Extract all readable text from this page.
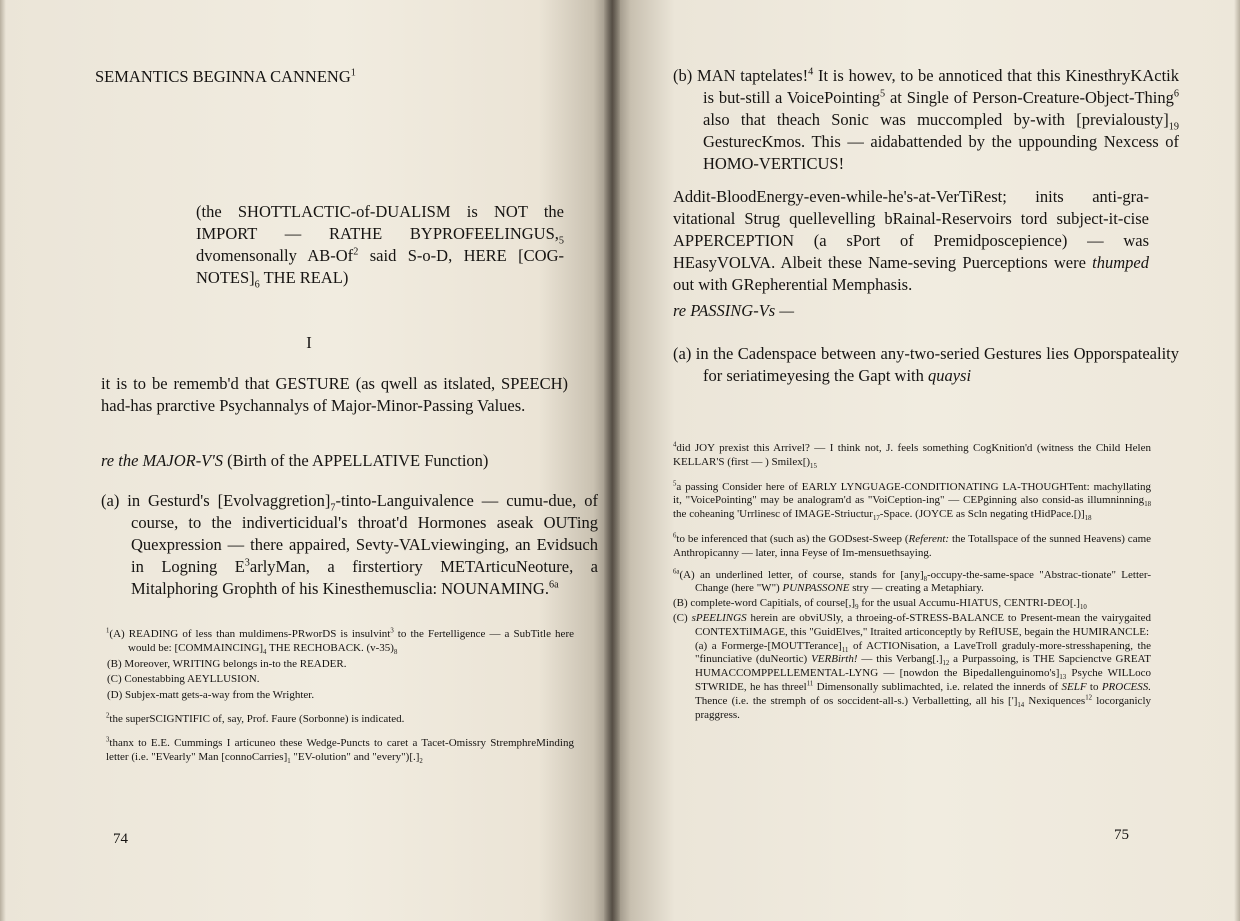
SEMANTICS BEGINNA CANNENG$^1$
(the SHOTTLACTIC-of-DUALISM is NOT the IMPORT — RATHE $BYPROFEELINGUS,_5$ dvomensonally AB-Of$^2$ said S-o-D, HERE $[COG-NOTES]_6$ THE REAL)
I

it is to be rememb'd that GESTURE (as qwell as itslated, SPEECH) had-has prarctive Psychannalys of Major-Minor-Passing Values.

re the MAJOR-V'S (Birth of the APPELLATIVE Function)

(a) in Gesturd's $[Evolvaggretion]_7-tinto$-Languivalence — cumu-due, of course, to the indiverticidual's throat'd Hormones aseak OUTing Quexpression — there appaired, Sevty-VALviewinging, an Evidsuch in Logning $E^3arlyMan$, a firstertiory METArticuNeoture, a Mitalphoring Grophth of his Kinesthemusclia: NOUNAMING.$^{6a}$

$^1$(A) READING of less than muldimens-PRworDS is insulvint$^3$ to the Fertelligence — a SubTitle here would be: $[COMMAINCING]_4$ THE RECHOBACK. $(v-35)_8$

(B) Moreover, WRITING belongs in-to the READER.

(C) Conestabbing AEYLLUSION.

(D) Subjex-matt gets-a-way from the Wrighter.

$^2$the superSCIGNTIFIC of, say, Prof. Faure (Sorbonne) is indicated.

$^3$thanx to E.E. Cummings I articuneo these Wedge-Puncts to caret a Tacet-Omissry StremphreMinding letter (i.e. "EVearly" Man $[connoCarries]_1$ "EV-olution" and "$every")[.]_2$

74

(b) MAN taptelates!$^4$ It is howev, to be annoticed that this KinesthryKActik is but-still a VoicePointing$^5$ at Single of Person-Creature-Object-Thing$^6$ also that theach Sonic was muccompled by-with $[previalousty]_{19}$ GesturecKmos. This — aidabattended by the uppounding Nexcess of HOMO-VERTICUS!

Addit-BloodEnergy-even-while-he's-at-VerTiRest; inits anti-gra-vitational Strug quellevelling bRainal-Reservoirs tord subject-it-cise APPERCEPTION (a sPort of Premidposcepience) — was HEasyVOLVA. Albeit these Name-seving Puerceptions were thumped out with GRepherential Memphasis.

re PASSING-Vs —

(a) in the Cadenspace between any-two-seried Gestures lies Opporspateality for seriatimeyesing the Gapt with quaysi

$^4$did JOY prexist this Arrivel? — I think not, J. feels something CogKnition'd (witness the Child Helen KELLAR'S (first — ) $Smilex[)_{15}$

$^5$a passing Consider here of EARLY LYNGUAGE-CONDITIONATING LA-THOUGHTent: machyllating it, "VoicePointing" may be analogram'd as "VoiCeption-ing" — CEPginning also consid-as illumninning$_{18}$ the coheaning 'Urrlinesc of IMAGE-Striuctur$_{17}$-Space. (JOYCE as Scln negating $tHidPace.[)]_{18}$

$^6$to be inferenced that (such as) the GODsest-Sweep (Referent: the Totallspace of the sunned Heavens) came Anthropicanny — later, inna Feyse of Im-mensuethsaying.

$^{6a}$(A) an underlined letter, of course, stands for $[any]_8-occupy-the-same$-space "Abstrac-tionate" Letter-Change (here "W") PUNPASSONE stry — creating a Metaphiary.

(B) complete-word Capitials, of $course[,]_9$ for the usual Accumu-HIATUS, CENTRI-$DEO[.]_{10}$

(C) sPEELINGS herein are obviUSly, a throeing-of-STRESS-BALANCE to Present-mean the vairygaited CONTEXTiIMAGE, this "GuidElves," Itraited articonceptly by RefIUSE, begain the HUMIRANCLE:

(a) a Formerge-$[MOUTTerance]_{11}$ of ACTIONisation, a LaveTroll graduly-more-stresshapening, the "finunciative (duNeortic) VERBirth! — this $Verbang[.]_{12}$ a Purpassoing, is THE Sapcienctve GREAT HUMACCOMPPELLEMENTAL-LYNG — [nowdon the $Bipedallenguinomo's]_{13}$ Psyche WILLoco STWRIDE, he has threel$^{11}$ Dimensonally sublimachted, i.e. related the innerds of SELF to PROCESS. Thence (i.e. the stremph of os soccident-all-s.) Verballetting, all his $[']_{14}$ Nexiquences$^{12}$ locorganicly praggress.

75
